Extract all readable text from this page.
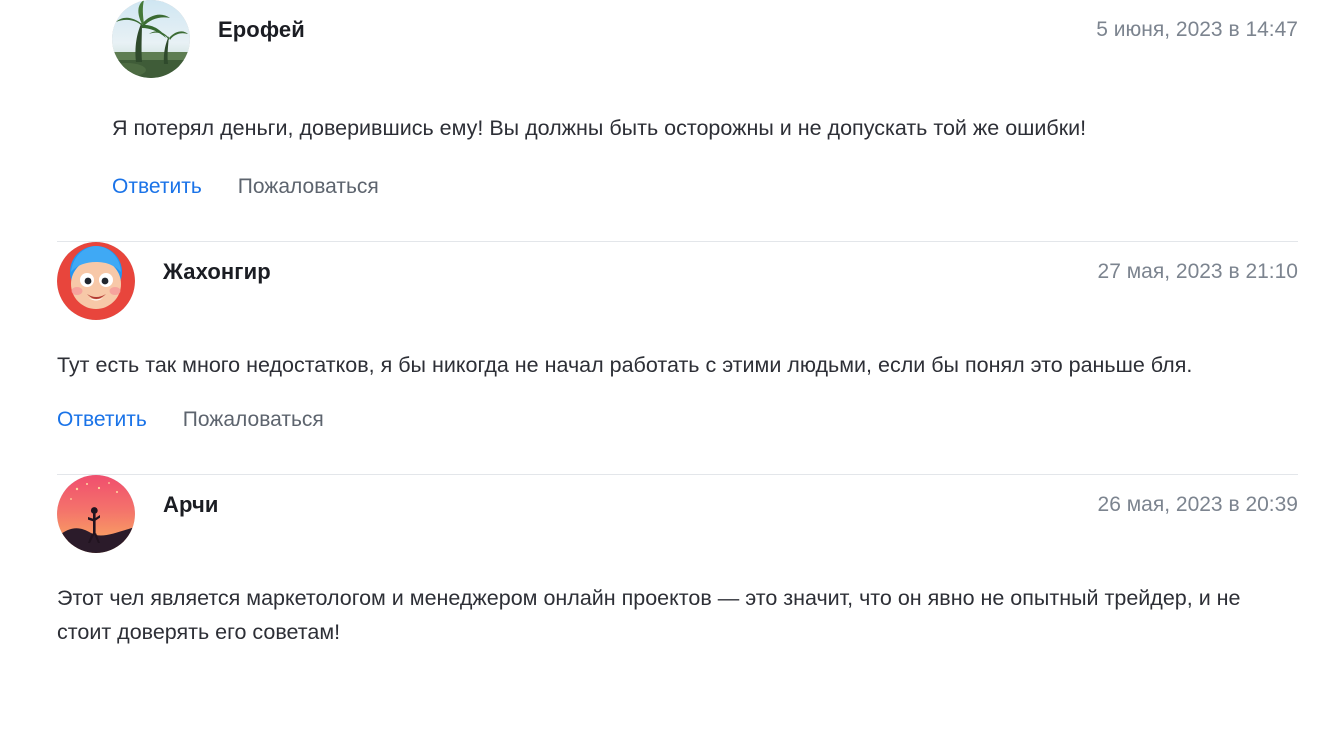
Ерофей	5 июня, 2023 в 14:47
Я потерял деньги, доверившись ему! Вы должны быть осторожны и не допускать той же ошибки!
Ответить Пожаловаться
Жахонгир	27 мая, 2023 в 21:10
Тут есть так много недостатков, я бы никогда не начал работать с этими людьми, если бы понял это раньше бля.
Ответить Пожаловаться
Арчи	26 мая, 2023 в 20:39
Этот чел является маркетологом и менеджером онлайн проектов — это значит, что он явно не опытный трейдер, и не стоит доверять его советам!
